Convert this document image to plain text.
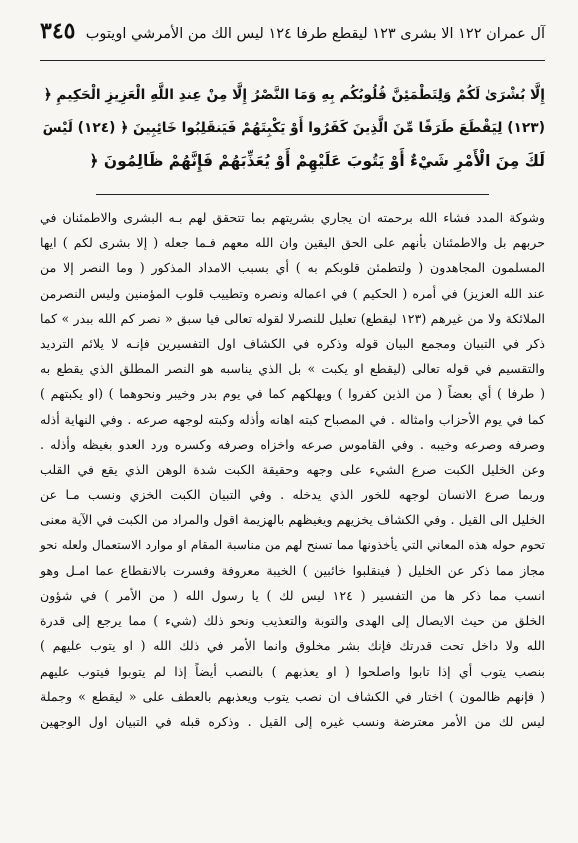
آل عمران ١٢٢ الا بشرى ١٢٣ ليقطع طرفا ١٢٤ ليس الك من الأمرشي اويتوب
٣٤٥
إِلَّا بُشْرَىٰ لَكُمْ وَلِتَطْمَئِنَّ قُلُوبُكُم بِهِ وَمَا النَّصْرُ إِلَّا مِنْ عِندِ اللَّهِ الْعَزِيزِ الْحَكِيمِ ﴿
(١٢٣) لِيَقْطَعَ طَرَفًا مِّنَ الَّذِينَ كَفَرُوا أَوْ يَكْبِتَهُمْ فَيَنقَلِبُوا خَائِبِينَ ﴿ (١٢٤) لَيْسَ
لَكَ مِنَ الْأَمْرِ شَيْءٌ أَوْ يَتُوبَ عَلَيْهِمْ أَوْ يُعَذِّبَهُمْ فَإِنَّهُمْ ظَالِمُونَ ﴿
وشوكة المدد فشاء الله برحمته ان يجاري بشريتهم بما تتحقق لهم بـه البشرى والاطمئنان في
حربهم بل والاطمئنان بأنهم على الحق اليقين وان الله معهم فـما جعله ( إلا بشرى لكم ) ايها
المسلمون المجاهدون ( ولتطمئن قلوبكم به ) أي بسبب الامداد المذكور ( وما النصر إلا من
عند الله العزيز) في أمره ( الحكيم ) في اعماله ونصره وتطييب قلوب المؤمنين وليس النصرمن
الملائكة ولا من غيرهم (١٢٣ ليقطع) تعليل للنصرلا لقوله تعالى فيا سبق « نصر كم الله ببدر » كما
ذكر في التبيان ومجمع البيان قوله وذكره في الكشاف اول التفسيرين فإنـه لا يلائم الترديد
والتقسيم في قوله تعالى (ليقطع او يكبت » بل الذي يناسبه هو النصر المطلق الذي يقطع به
( طرفا ) أي بعضاً ( من الذين كفروا ) ويهلكهم كما في يوم بدر وخيبر ونحوهما ) (او يكبتهم )
كما في يوم الأحزاب وامثاله . في المصباح كبته اهانه وأذله وكبته لوجهه صرعه . وفي النهاية أذله
وصرفه وصرعه وخيبه . وفي القاموس صرعه واخزاه وصرفه وكسره ورد العدو بغيظه وأذله .
وعن الخليل الكبت صرع الشيء على وجهه وحقيقة الكبت شدة الوهن الذي يقع في القلب
وربما صرع الانسان لوجهه للخور الذي يدخله . وفي التبيان الكبت الخزي ونسب مـا عن
الخليل الى القيل . وفي الكشاف يخزيهم ويغيظهم بالهزيمة اقول والمراد من الكبت في الآية معنى
تحوم حوله هذه المعاني التي يأخذونها مما تسنح لهم من مناسبة المقام او موارد الاستعمال ولعله نحو
مجاز مما ذكر عن الخليل ( فينقلبوا خائبين ) الخيبة معروفة وفسرت بالانقطاع عما امـل وهو
انسب مما ذكر ها من التفسير ( ١٢٤ ليس لك ) يا رسول الله ( من الأمر ) في شؤون
الخلق من حيث الايصال إلى الهدى والتوبة والتعذيب ونحو ذلك (شيء ) مما يرجع إلى قدرة
الله ولا داخل تحت قدرتك فإنك بشر مخلوق وانما الأمر في ذلك الله ( او يتوب عليهم )
بنصب يتوب أي إذا تابوا واصلحوا ( او يعذبهم ) بالنصب أيضاً إذا لم يتوبوا فيتوب عليهم
( فإنهم ظالمون ) اختار في الكشاف ان نصب يتوب ويعذبهم بالعطف على « ليقطع » وجملة
ليس لك من الأمر معترضة ونسب غيره إلى القيل . وذكره قبله في التبيان اول الوجهين
